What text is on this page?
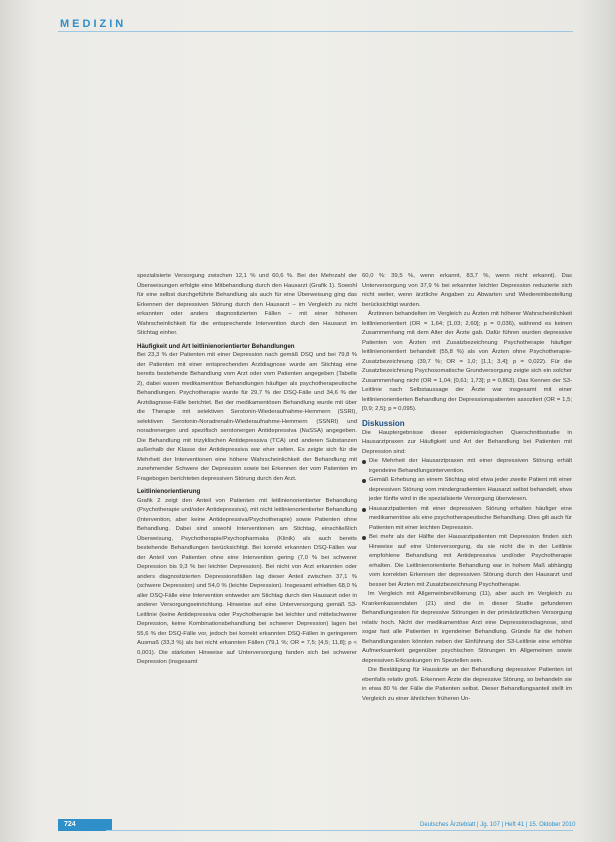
MEDIZIN

spezialisierte Versorgung zwischen 12,1 % und 60,6 %. Bei der Mehrzahl der Überweisungen erfolgte eine Mitbehandlung durch den Hausarzt (Grafik 1). Sowohl für eine selbst durchgeführte Behandlung als auch für eine Überweisung ging das Erkennen der depressiven Störung durch den Hausarzt – im Vergleich zu nicht erkannten oder anders diagnostizierten Fällen – mit einer höheren Wahrscheinlichkeit für die entsprechende Intervention durch den Hausarzt im Stichtag einher.

Häufigkeit und Art leitlinienorientierter Behandlungen

Bei 23,3 % der Patienten mit einer Depression nach gemäß DSQ und bei 79,8 % der Patienten mit einer entsprechenden Arztdiagnose wurde am Stichtag eine bereits bestehende Behandlung vom Arzt oder vom Patienten angegeben (Tabelle 2), dabei waren medikamentöse Behandlungen häufiger als psychotherapeutische Behandlungen. Psychotherapie wurde für 29,7 % der DSQ-Fälle und 34,6 % der Arztdiagnose-Fälle berichtet. Bei der medikamentösen Behandlung wurde mit über die Therapie mit selektiven Serotonin-Wiederaufnahme-Hemmern (SSRI), selektiven Serotonin-Noradrenalin-Wiederaufnahme-Hemmern (SSNRI) und noradrenergen und spezifisch serotonergen Antidepressiva (NaSSA) angegeben. Die Behandlung mit trizyklischen Antidepressiva (TCA) und anderen Substanzen außerhalb der Klasse der Antidepressiva war eher selten. Es zeigte sich für die Mehrheit der Interventionen eine höhere Wahrscheinlichkeit der Behandlung mit zunehmender Schwere der Depression sowie bei Erkennen der vom Patienten im Fragebogen berichteten depressiven Störung durch den Arzt.

Leitlinienorientierung

Grafik 2 zeigt den Anteil von Patienten mit leitlinienorientierter Behandlung (Psychotherapie und/oder Antidepressiva), mit nicht leitlinienorientierter Behandlung (Intervention, aber keine Antidepressiva/Psychotherapie) sowie Patienten ohne Behandlung. Dabei sind sowohl Interventionen am Stichtag, einschließlich Überweisung, Psychotherapie/Psychopharmaka (Klinik) als auch bereits bestehende Behandlungen berücksichtigt. Bei korrekt erkannten DSQ-Fällen war der Anteil von Patienten ohne eine Intervention gering (7,0 % bei schwerer Depression bis 9,3 % bei leichter Depression). Bei nicht von Arzt erkannten oder anders diagnostizierten Depressionsfällen lag dieser Anteil zwischen 37,1 % (schwere Depression) und 54,0 % (leichte Depression). Insgesamt erhielten 68,0 % aller DSQ-Fälle eine Intervention entweder am Stichtag durch den Hausarzt oder in anderer Versorgungseinrichtung. Hinweise auf eine Unterversorgung gemäß S3-Leitlinie (keine Antidepressiva oder Psychotherapie bei leichter und mittelschwerer Depression, keine Kombinationsbehandlung bei schwerer Depression) lagen bei 55,6 % der DSQ-Fälle vor, jedoch bei korrekt erkannten DSQ-Fällen in geringerem Ausmaß (33,3 %) als bei nicht erkannten Fällen (79,1 %; OR = 7,5; [4,5; 11,8]; p < 0,001). Die stärksten Hinweise auf Unterversorgung fanden sich bei schwerer Depression (insgesamt

60,0 %: 39,5 %, wenn erkannt, 83,7 %, wenn nicht erkannt). Das Unterversorgung von 37,9 % bei erkannter leichter Depression reduzierte sich nicht weiter, wenn ärztliche Angaben zu Abwarten und Wiedereinbestellung berücksichtigt wurden.

Ärztinnen behandelten im Vergleich zu Ärzten mit höherer Wahrscheinlichkeit leitlinienorientiert (OR = 1,64; [1,03; 2,60]; p = 0,036), während es keinen Zusammenhang mit dem Alter der Ärzte gab. Dafür führen wurden depressive Patienten von Ärzten mit Zusatzbezeichnung Psychotherapie häufiger leitlinienorientiert behandelt (55,8 %) als von Ärzten ohne Psychotherapie-Zusatzbezeichnung (39,7 %; OR = 1,0; [1,1; 3,4]; p = 0,022). Für die Zusatzbezeichnung Psychosomatische Grundversorgung zeigte sich ein solcher Zusammenhang nicht (OR = 1,04; [0,61; 1,73]; p = 0,863). Das Kennen der S3-Leitlinie nach Selbstaussage der Ärzte war insgesamt mit einer leitlinienorientierten Behandlung der Depressionspatienten assoziiert (OR = 1,5; [0,9; 2,5]; p = 0,095).

Diskussion

Die Hauptergebnisse dieser epidemiologischen Querschnittsstudie in Hausarztpraxen zur Häufigkeit und Art der Behandlung bei Patienten mit Depression sind:

Die Mehrheit der Hausarztpraxen mit einer depressiven Störung erhält irgendeine Behandlungsintervention.
Gemäß Erhebung an einem Stichtag wird etwa jeder zweite Patient mit einer depressiven Störung vom mindergradiemten Hausarzt selbst behandelt, etwa jeder fünfte wird in die spezialisierte Versorgung überwiesen.
Hausarztpatienten mit einer depressiven Störung erhalten häufiger eine medikamentöse als eine psychotherapeutische Behandlung. Dies gilt auch für Patienten mit einer leichten Depression.
Bei mehr als der Hälfte der Hausarztpatienten mit Depression finden sich Hinweise auf eine Unterversorgung, da sie nicht die in der Leitlinie empfohlene Behandlung mit Antidepressiva und/oder Psychotherapie erhalten. Die Leitlinienorientierte Behandlung war in hohem Maß abhängig vom korrekten Erkennen der depressiven Störung durch den Hausarzt und besser bei Ärzten mit Zusatzbezeichnung Psychotherapie.

Im Vergleich mit Allgemeinbevölkerung (11), aber auch im Vergleich zu Krankenkassendaten (21) sind die in dieser Studie gefundenen Behandlungsraten für depressive Störungen in der primärärztlichen Versorgung relativ hoch. Nicht der medikamentöse Arzt eine Depressionsdiagnose, sind sogar fast alle Patienten in irgendeiner Behandlung. Gründe für die hohen Behandlungsraten könnten neben der Einführung der S3-Leitlinie eine erhöhte Aufmerksamkeit gegenüber psychischen Störungen im Allgemeinen sowie depressiven Erkrankungen im Speziellen sein.

Die Bestätigung für Hausärzte an der Behandlung depressiver Patienten ist ebenfalls relativ groß. Erkennen Ärzte die depressive Störung, so behandeln sie in etwa 80 % der Fälle die Patienten selbst. Dieser Behandlungsanteil stellt im Vergleich zu einer ähnlichen früheren Un-

724	Deutsches Ärzteblatt | Jg. 107 | Heft 41 | 15. Oktober 2010
